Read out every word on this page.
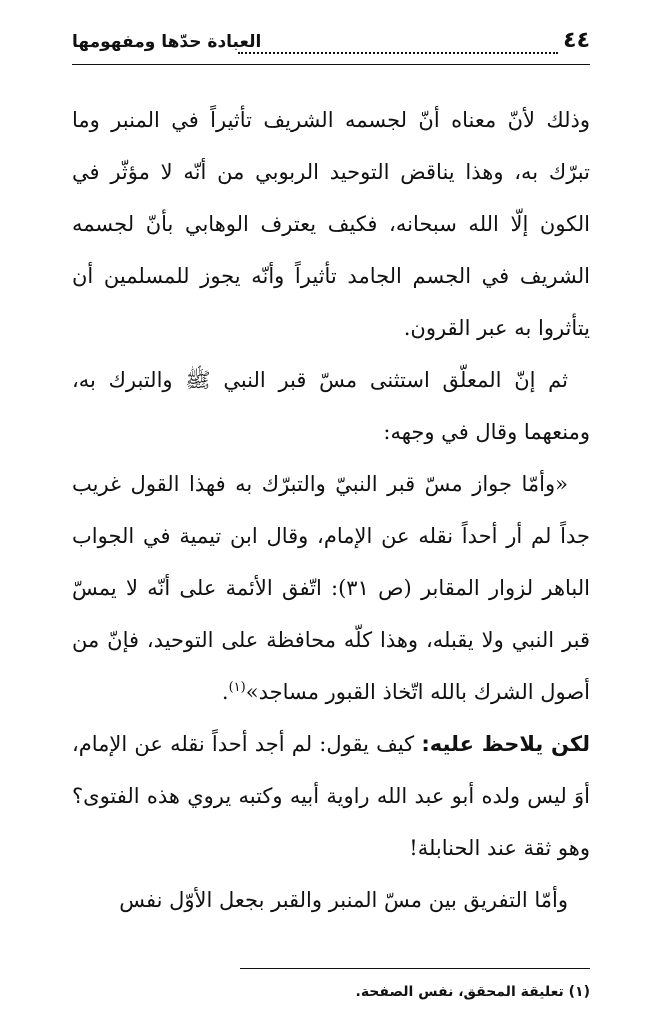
٤٤
العبادة حدّها ومفهومها

وذلك لأنّ معناه أنّ لجسمه الشريف تأثيراً في المنبر وما تبرّك به، وهذا يناقض التوحيد الربوبي من أنّه لا مؤثّر في الكون إلّا الله سبحانه، فكيف يعترف الوهابي بأنّ لجسمه الشريف في الجسم الجامد تأثيراً وأنّه يجوز للمسلمين أن يتأثروا به عبر القرون.

ثم إنّ المعلّق استثنى مسّ قبر النبي ﷺ والتبرك به، ومنعهما وقال في وجهه:

«وأمّا جواز مسّ قبر النبيّ والتبرّك به فهذا القول غريب جداً لم أر أحداً نقله عن الإمام، وقال ابن تيمية في الجواب الباهر لزوار المقابر (ص ٣١): اتّفق الأئمة على أنّه لا يمسّ قبر النبي ولا يقبله، وهذا كلّه محافظة على التوحيد، فإنّ من أصول الشرك بالله اتّخاذ القبور مساجد»$^{(١)}$.

لكن يلاحظ عليه: كيف يقول: لم أجد أحداً نقله عن الإمام، أوَ ليس ولده أبو عبد الله راوية أبيه وكتبه يروي هذه الفتوى؟ وهو ثقة عند الحنابلة!

وأمّا التفريق بين مسّ المنبر والقبر بجعل الأوّل نفس

(١) تعليقة المحقق، نفس الصفحة.
